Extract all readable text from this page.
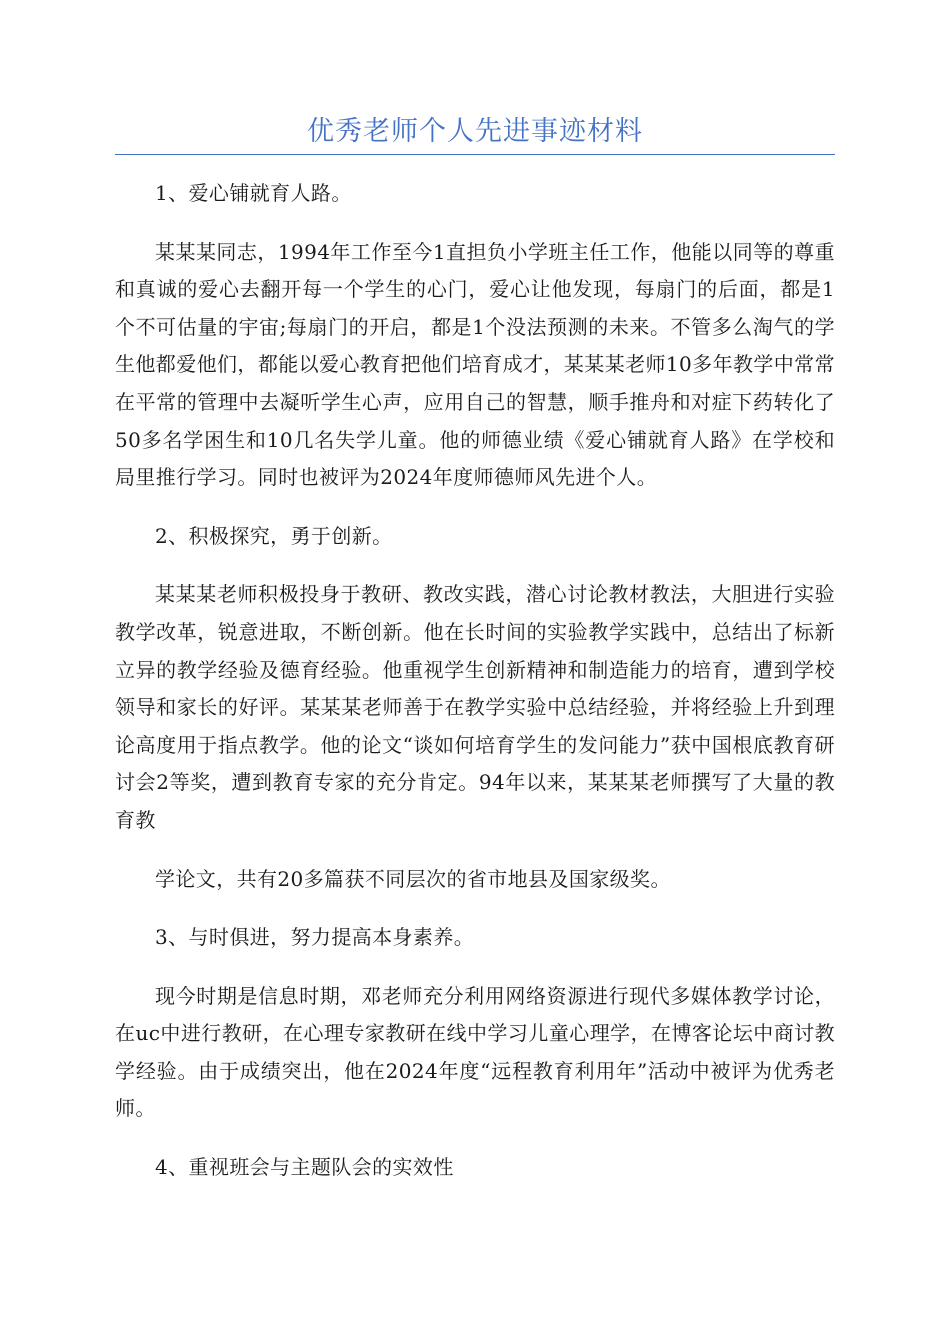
优秀老师个人先进事迹材料

1、爱心铺就育人路。

某某某同志，1994年工作至今1直担负小学班主任工作，他能以同等的尊重和真诚的爱心去翻开每一个学生的心门，爱心让他发现，每扇门的后面，都是1个不可估量的宇宙;每扇门的开启，都是1个没法预测的未来。不管多么淘气的学生他都爱他们，都能以爱心教育把他们培育成才，某某某老师10多年教学中常常在平常的管理中去凝听学生心声，应用自己的智慧，顺手推舟和对症下药转化了50多名学困生和10几名失学儿童。他的师德业绩《爱心铺就育人路》在学校和局里推行学习。同时也被评为2024年度师德师风先进个人。

2、积极探究，勇于创新。

某某某老师积极投身于教研、教改实践，潜心讨论教材教法，大胆进行实验教学改革，锐意进取，不断创新。他在长时间的实验教学实践中，总结出了标新立异的教学经验及德育经验。他重视学生创新精神和制造能力的培育，遭到学校领导和家长的好评。某某某老师善于在教学实验中总结经验，并将经验上升到理论高度用于指点教学。他的论文“谈如何培育学生的发问能力”获中国根底教育研讨会2等奖，遭到教育专家的充分肯定。94年以来，某某某老师撰写了大量的教育教

学论文，共有20多篇获不同层次的省市地县及国家级奖。

3、与时俱进，努力提高本身素养。

现今时期是信息时期，邓老师充分利用网络资源进行现代多媒体教学讨论，在uc中进行教研，在心理专家教研在线中学习儿童心理学，在博客论坛中商讨教学经验。由于成绩突出，他在2024年度“远程教育利用年”活动中被评为优秀老师。

4、重视班会与主题队会的实效性
